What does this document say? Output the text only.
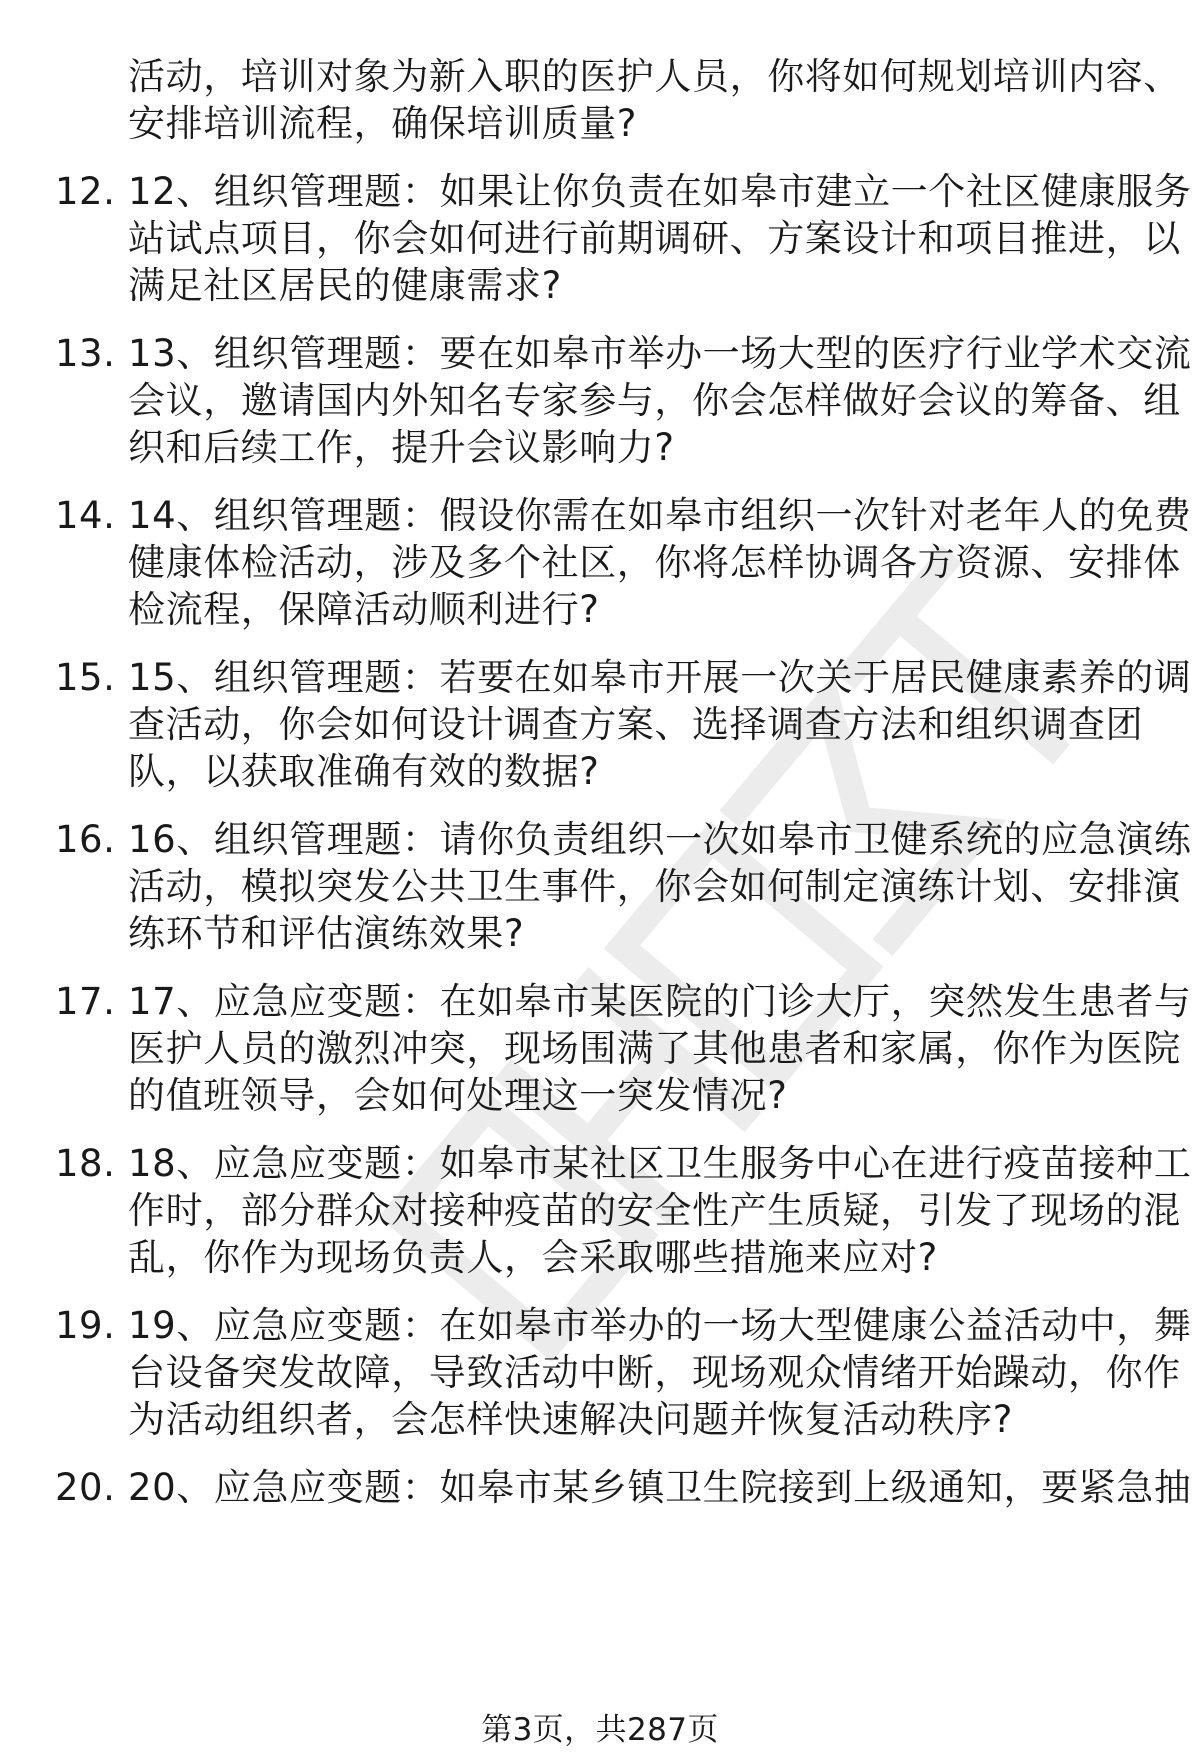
活动，培训对象为新入职的医护人员，你将如何规划培训内容、
安排培训流程，确保培训质量?
12. 12、组织管理题：如果让你负责在如皋市建立一个社区健康服务
站试点项目，你会如何进行前期调研、方案设计和项目推进，以
满足社区居民的健康需求?
13. 13、组织管理题：要在如皋市举办一场大型的医疗行业学术交流
会议，邀请国内外知名专家参与，你会怎样做好会议的筹备、组
织和后续工作，提升会议影响力?
14. 14、组织管理题：假设你需在如皋市组织一次针对老年人的免费
健康体检活动，涉及多个社区，你将怎样协调各方资源、安排体
检流程，保障活动顺利进行?
15. 15、组织管理题：若要在如皋市开展一次关于居民健康素养的调
查活动，你会如何设计调查方案、选择调查方法和组织调查团
队，以获取准确有效的数据?
16. 16、组织管理题：请你负责组织一次如皋市卫健系统的应急演练
活动，模拟突发公共卫生事件，你会如何制定演练计划、安排演
练环节和评估演练效果?
17. 17、应急应变题：在如皋市某医院的门诊大厅，突然发生患者与
医护人员的激烈冲突，现场围满了其他患者和家属，你作为医院
的值班领导，会如何处理这一突发情况?
18. 18、应急应变题：如皋市某社区卫生服务中心在进行疫苗接种工
作时，部分群众对接种疫苗的安全性产生质疑，引发了现场的混
乱，你作为现场负责人，会采取哪些措施来应对?
19. 19、应急应变题：在如皋市举办的一场大型健康公益活动中，舞
台设备突发故障，导致活动中断，现场观众情绪开始躁动，你作
为活动组织者，会怎样快速解决问题并恢复活动秩序?
20. 20、应急应变题：如皋市某乡镇卫生院接到上级通知，要紧急抽
第3页，共287页
